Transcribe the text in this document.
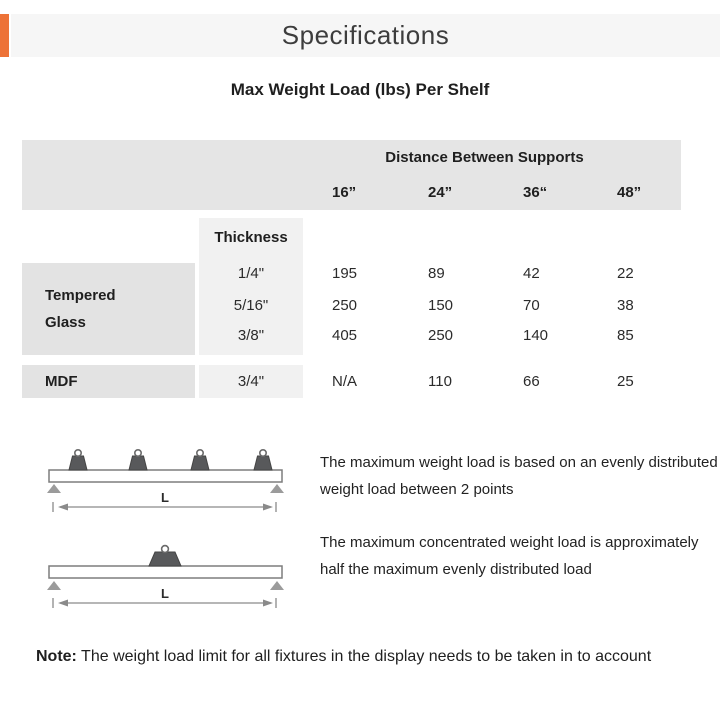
Specifications
Max Weight Load (lbs) Per Shelf
Distance Between Supports
16”	24”	36“	48”
Thickness
Tempered Glass
1/4"	195	89	42	22
5/16"	250	150	70	38
3/8"	405	250	140	85
MDF	3/4"	N/A	110	66	25
L
L
The maximum weight load is based on an evenly distributed weight load between 2 points
The maximum concentrated weight load is approximately half the maximum evenly distributed load
Note: The weight load limit for all fixtures in the display needs to be taken in to account
